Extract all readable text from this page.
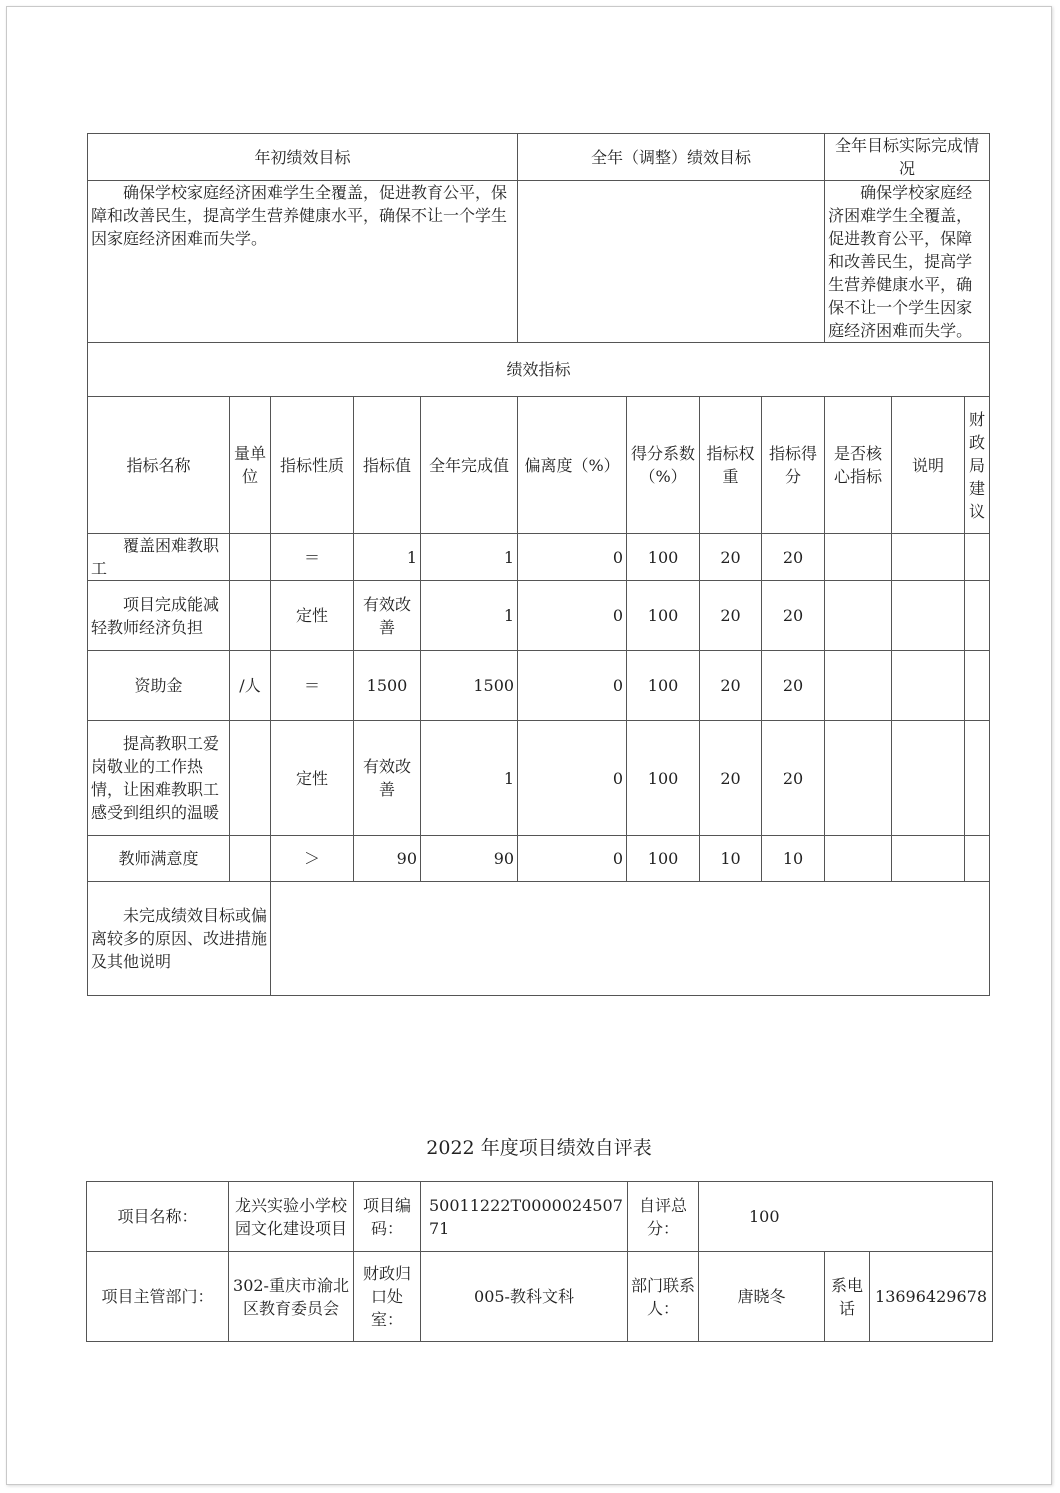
年初绩效目标					全年（调整）绩效目标				全年目标实际完成情况		
确保学校家庭经济困难学生全覆盖，促进教育公平，保障和改善民生，提高学生营养健康水平，确保不让一个学生因家庭经济困难而失学。									确保学校家庭经济困难学生全覆盖，促进教育公平，保障和改善民生，提高学生营养健康水平，确保不让一个学生因家庭经济困难而失学。		
绩效指标											
指标名称	量单位	指标性质	指标值	全年完成值	偏离度（%）	得分系数（%）	指标权重	指标得分	是否核心指标	说明	财政局建议
覆盖困难教职工		＝	1	1	0	100	20	20			
项目完成能减轻教师经济负担		定性	有效改善	1	0	100	20	20			
资助金	/人	＝	1500	1500	0	100	20	20			
提高教职工爱岗敬业的工作热情，让困难教职工感受到组织的温暖		定性	有效改善	1	0	100	20	20			
教师满意度		＞	90	90	0	100	10	10			
未完成绩效目标或偏离较多的原因、改进措施及其他说明											
2022 年度项目绩效自评表
项目名称：	龙兴实验小学校园文化建设项目	项目编码：	50011222T000002450771	自评总分：	100		
项目主管部门：	302-重庆市渝北区教育委员会	财政归口处室：	005-教科文科	部门联系人：	唐晓冬	系电话	13696429678
